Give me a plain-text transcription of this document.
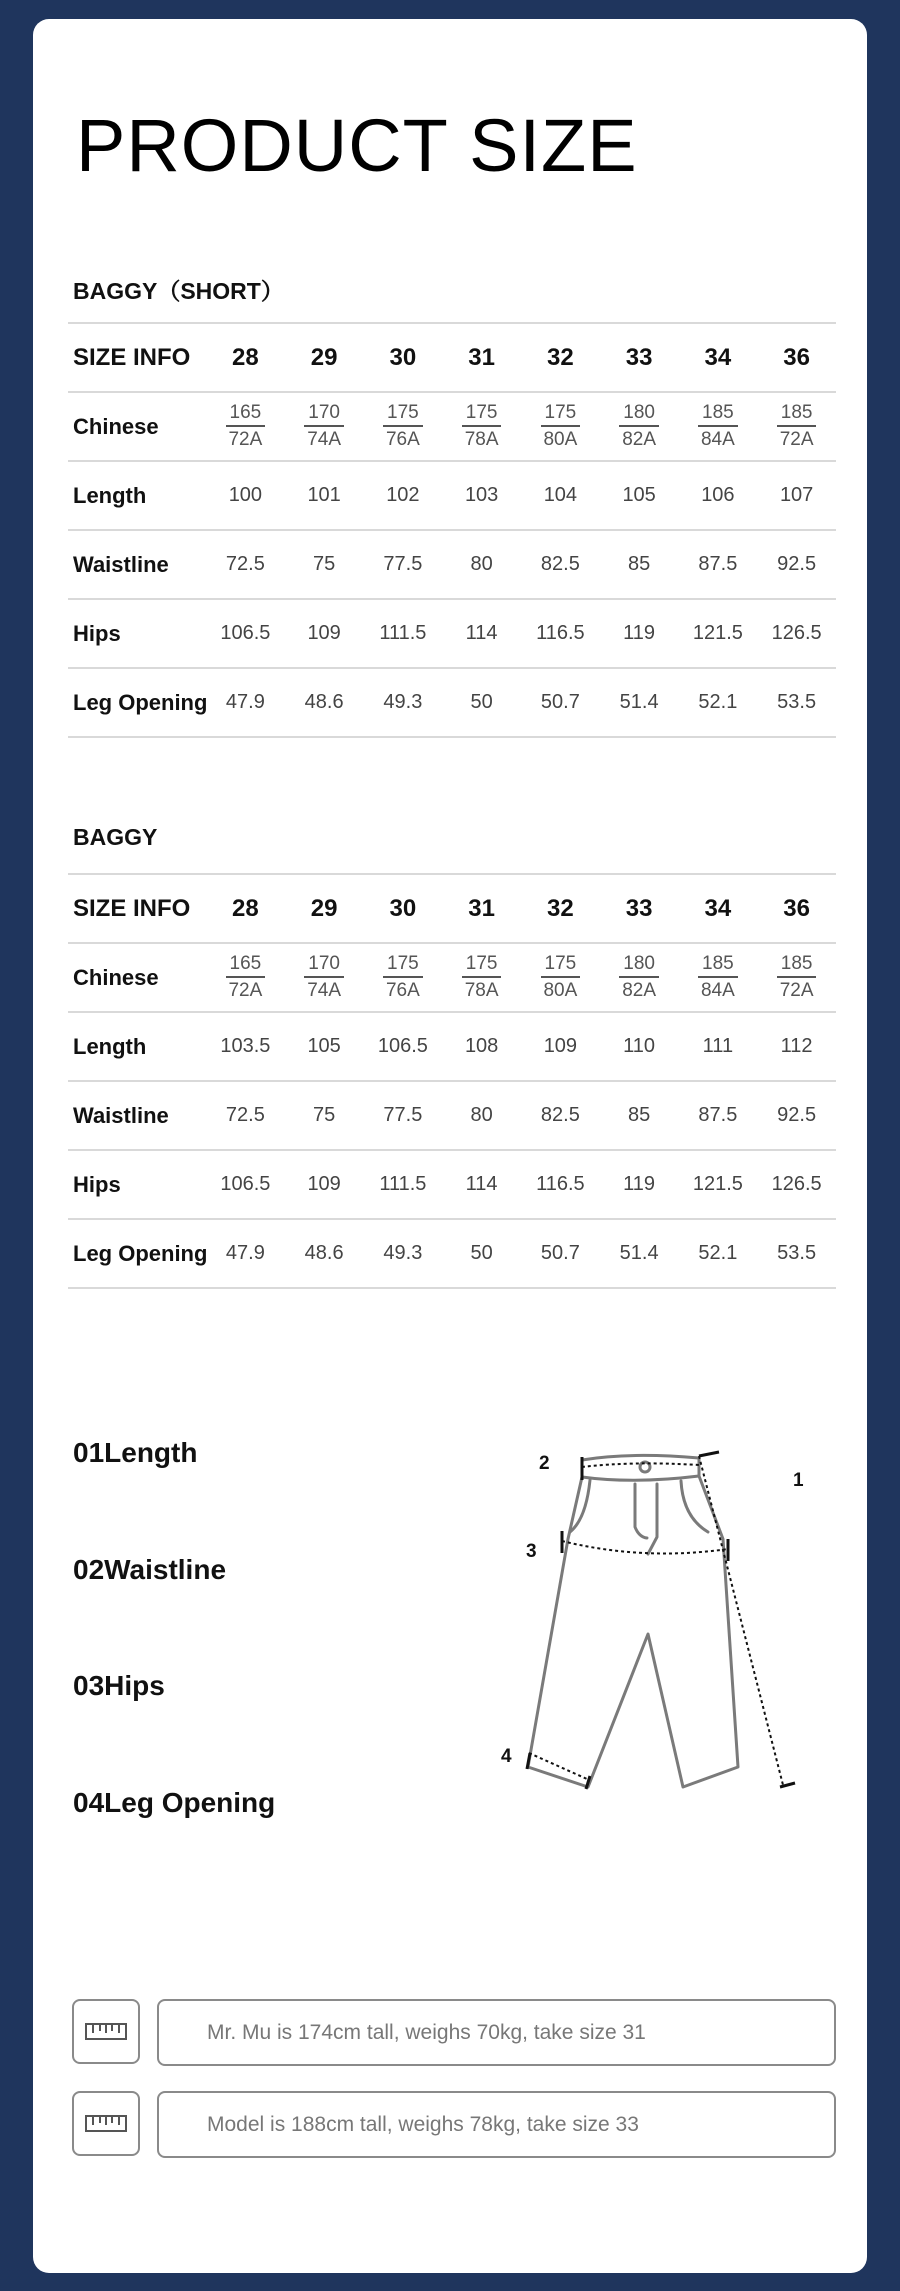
PRODUCT SIZE
BAGGY（SHORT）
SIZE INFO	28	29	30	31	32	33	34	36
Chinese	$\frac{165}{72A}$	$\frac{170}{74A}$	$\frac{175}{76A}$	$\frac{175}{78A}$	$\frac{175}{80A}$	$\frac{180}{82A}$	$\frac{185}{84A}$	$\frac{185}{72A}$

Length	100	101	102	103	104	105	106	107
Waistline	72.5	75	77.5	80	82.5	85	87.5	92.5
Hips	106.5	109	111.5	114	116.5	119	121.5	126.5
Leg Opening	47.9	48.6	49.3	50	50.7	51.4	52.1	53.5
BAGGY
SIZE INFO	28	29	30	31	32	33	34	36
Chinese	$\frac{165}{72A}$	$\frac{170}{74A}$	$\frac{175}{76A}$	$\frac{175}{78A}$	$\frac{175}{80A}$	$\frac{180}{82A}$	$\frac{185}{84A}$	$\frac{185}{72A}$

Length	103.5	105	106.5	108	109	110	111	112
Waistline	72.5	75	77.5	80	82.5	85	87.5	92.5
Hips	106.5	109	111.5	114	116.5	119	121.5	126.5
Leg Opening	47.9	48.6	49.3	50	50.7	51.4	52.1	53.5

01Length

02Waistline

03Hips

04Leg Opening

1
2
3
4
Mr. Mu is 174cm tall, weighs 70kg, take size 31
Model is 188cm tall, weighs 78kg, take size 33
